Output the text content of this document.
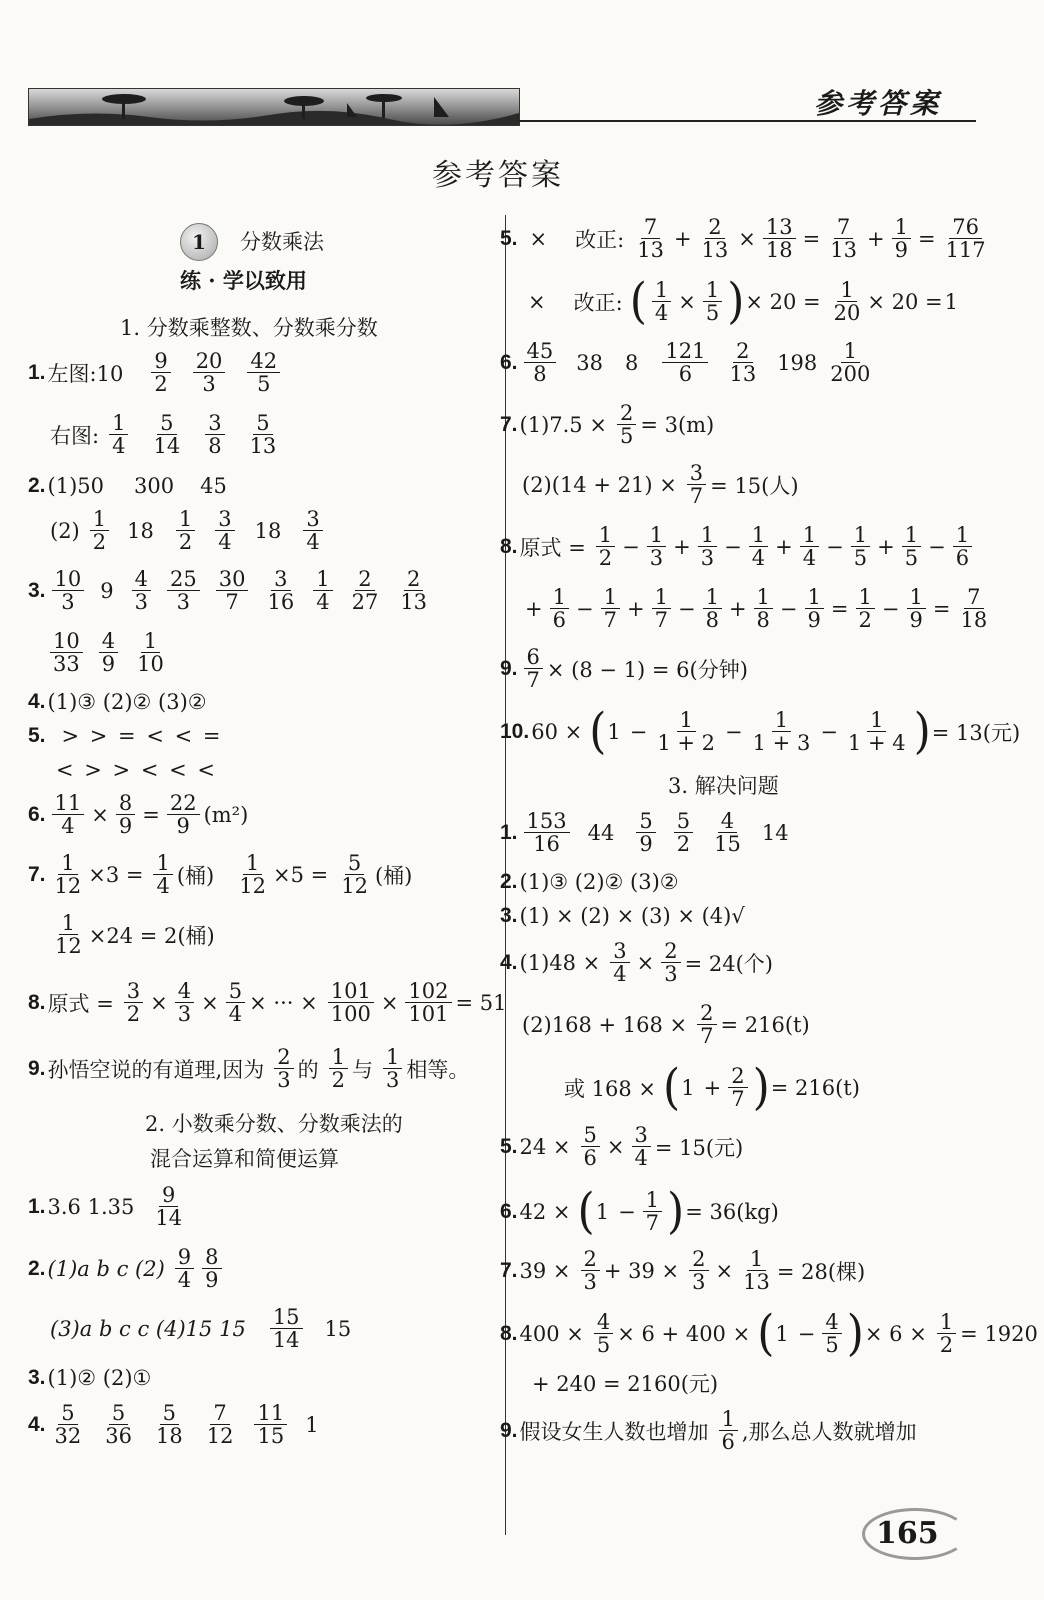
参考答案
参考答案
1	分数乘法
练 · 学以致用
1. 分数乘整数、分数乘分数
1. 左图:10 $\frac{9}{2} \frac{20}{3} \frac{42}{5}$
右图: $\frac{1}{4} \frac{5}{14} \frac{3}{8} \frac{5}{13}$
2. (1)50 300 45
$(2) \frac{1}{2} 18 \frac{1}{2} \frac{3}{4} 18 \frac{3}{4}$
3. $\frac{10}{3} 9 \frac{4}{3} \frac{25}{3} \frac{30}{7} \frac{3}{16} \frac{1}{4} \frac{2}{27} \frac{2}{13}$
$\frac{10}{33} \frac{4}{9} \frac{1}{10}$
4. (1)③ (2)② (3)②
5. > > = < < =
< > > < < <
6. $\frac{11}{4} \times \frac{8}{9} = \frac{22}{9} (m^2)$
7. $\frac{1}{12} \times 3 = \frac{1}{4}$ (桶) $\frac{1}{12} \times 5 = \frac{5}{12}$ (桶)
$\frac{1}{12} \times 24 = 2$(桶)
8. 原式 = $\frac{3}{2} \times \frac{4}{3} \times \frac{5}{4}$ × ··· × $\frac{101}{100} \times \frac{102}{101} = 51$
9. 孙悟空说的有道理,因为 $\frac{2}{3}$ 的 $\frac{1}{2}$ 与 $\frac{1}{3}$ 相等。
2. 小数乘分数、分数乘法的
混合运算和简便运算
1. 3.6 $1.35 \frac{9}{14}$
2. (1)a b c $(2) \frac{9}{4} \frac{8}{9}$
(3)a b c c (4)15 $15 \frac{15}{14} 15$
3. (1)② (2)①
4. $\frac{5}{32} \frac{5}{36} \frac{5}{18} \frac{7}{12} \frac{11}{15} 1$
5. × 改正: $\frac{7}{13} + \frac{2}{13} \times \frac{13}{18} = \frac{7}{13} + \frac{1}{9} = \frac{76}{117}$
× 改正: ( $\frac{1}{4} \times \frac{1}{5}$ ) × $20 = \frac{1}{20} \times 20 = 1$
6. $\frac{45}{8} 38$ $8 \frac{121}{6} \frac{2}{13} 198 \frac{1}{200}$
7. $(1)7.5 \times \frac{2}{5} = 3(m)$
$(2)(14 + 21) \times \frac{3}{7} = 15$(人)
8. 原式 = $\frac{1}{2} - \frac{1}{3} + \frac{1}{3} - \frac{1}{4} + \frac{1}{4} - \frac{1}{5} + \frac{1}{5} - \frac{1}{6}$
+ $\frac{1}{6} - \frac{1}{7} + \frac{1}{7} - \frac{1}{8} + \frac{1}{8} - \frac{1}{9} = \frac{1}{2} - \frac{1}{9} = \frac{7}{18}$
9. $\frac{6}{7} \times (8 - 1) = 6$(分钟)
10. 60 × ( $1 - \frac{1}{1 + 2} - \frac{1}{1 + 3} - \frac{1}{1 + 4}$ ) = 13(元)
3. 解决问题
1. $\frac{153}{16} 44 \frac{5}{9} \frac{5}{2} \frac{4}{15} 14$
2. (1)③ (2)② (3)②
3. (1) × (2) × (3) × (4)√
4. $(1)48 \times \frac{3}{4} \times \frac{2}{3} = 24$(个)
$(2)168 + 168 \times \frac{2}{7} = 216(t)$
或 168 × ( $1 + \frac{2}{7}$ ) = 216(t)
5. $24 \times \frac{5}{6} \times \frac{3}{4} = 15$(元)
6. 42 × ( $1 - \frac{1}{7}$ ) = 36(kg)
7. $39 \times \frac{2}{3} + 39 \times \frac{2}{3} \times \frac{1}{13} = 28$(棵)
8. $400 \times \frac{4}{5} \times 6 + 400$ × ( $1 - \frac{4}{5}$ ) × $6 \times \frac{1}{2} = 1920$
+ 240 = 2160(元)
9. 假设女生人数也增加 $\frac{1}{6}$ ,那么总人数就增加
165
